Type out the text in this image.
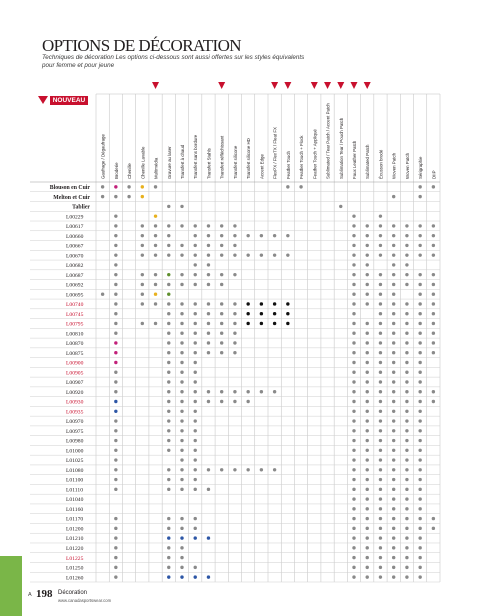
OPTIONS DE DÉCORATION
Techniques de décoration Les options ci-dessous sont aussi offertes sur les styles équivalents pour femme et pour jeune
NOUVEAU
Gaufrage / Dégaufrage Broderie Chenille Chenille Lavable Multimédia Gravure au laser Transfert à chaud Transfert sans bordure Transfert Stahls Transfert réfléchissant Transfert silicone Transfert silicone HD Accent Edge FlexPX / FlexTX / Fleat FX Feather Touch Feather Touch + Flock Feather Touch + Appliqué Sublimated / Tear Patch / Accent Patch Sublimation Tear / Pouch Patch Faux Leather Patch Sublimated Patch Écusson brodé Woven Patch Woven Patch Sérigraphie DIIP
Blouson en Cuir
Melton et Cuir
Tablier
L00229
L00617
L00660
L00667
L00670
L00682
L00687
L00692
L00695
L00740
L00745
L00795
L00810
L00870
L00875
L00900
L00905
L00907
L00920
L00930
L00935
L00970
L00975
L00980
L01000
L01025
L01080
L01100
L01110
L01040
L01160
L01170
L01200
L01210
L01220
L01225
L01250
L01260
A 198 Décoration
www.canadasportswear.com
